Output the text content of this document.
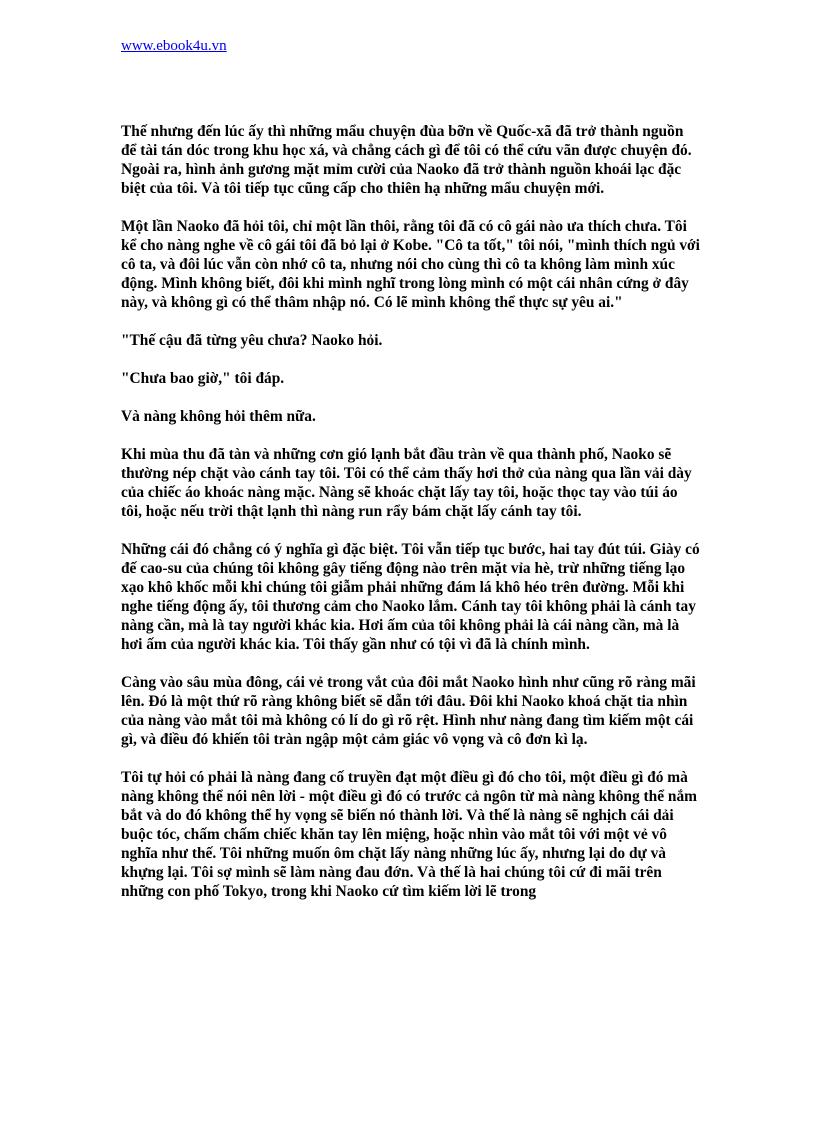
www.ebook4u.vn

Thế nhưng đến lúc ấy thì những mẩu chuyện đùa bỡn về Quốc-xã đã trở thành nguồn để tài tán dóc trong khu học xá, và chẳng cách gì để tôi có thể cứu vãn được chuyện đó. Ngoài ra, hình ảnh gương mặt mỉm cười của Naoko đã trở thành nguồn khoái lạc đặc biệt của tôi. Và tôi tiếp tục cũng cấp cho thiên hạ những mẩu chuyện mới.

Một lần Naoko đã hỏi tôi, chỉ một lần thôi, rằng tôi đã có cô gái nào ưa thích chưa. Tôi kể cho nàng nghe về cô gái tôi đã bỏ lại ở Kobe. "Cô ta tốt," tôi nói, "mình thích ngủ với cô ta, và đôi lúc vẫn còn nhớ cô ta, nhưng nói cho cùng thì cô ta không làm mình xúc động. Mình không biết, đôi khi mình nghĩ trong lòng mình có một cái nhân cứng ở đây này, và không gì có thể thâm nhập nó. Có lẽ mình không thể thực sự yêu ai."

"Thế cậu đã từng yêu chưa? Naoko hỏi.

"Chưa bao giờ," tôi đáp.

Và nàng không hỏi thêm nữa.

Khi mùa thu đã tàn và những cơn gió lạnh bắt đầu tràn về qua thành phố, Naoko sẽ thường nép chặt vào cánh tay tôi. Tôi có thể cảm thấy hơi thở của nàng qua lần vải dày của chiếc áo khoác nàng mặc. Nàng sẽ khoác chặt lấy tay tôi, hoặc thọc tay vào túi áo tôi, hoặc nếu trời thật lạnh thì nàng run rẩy bám chặt lấy cánh tay tôi.

Những cái đó chẳng có ý nghĩa gì đặc biệt. Tôi vẫn tiếp tục bước, hai tay đút túi. Giày có đế cao-su của chúng tôi không gây tiếng động nào trên mặt vỉa hè, trừ những tiếng lạo xạo khô khốc mỗi khi chúng tôi giẫm phải những đám lá khô héo trên đường. Mỗi khi nghe tiếng động ấy, tôi thương cảm cho Naoko lắm. Cánh tay tôi không phải là cánh tay nàng cần, mà là tay người khác kia. Hơi ấm của tôi không phải là cái nàng cần, mà là hơi ấm của người khác kia. Tôi thấy gần như có tội vì đã là chính mình.

Càng vào sâu mùa đông, cái vẻ trong vắt của đôi mắt Naoko hình như cũng rõ ràng mãi lên. Đó là một thứ rõ ràng không biết sẽ dẫn tới đâu. Đôi khi Naoko khoá chặt tia nhìn của nàng vào mắt tôi mà không có lí do gì rõ rệt. Hình như nàng đang tìm kiếm một cái gì, và điều đó khiến tôi tràn ngập một cảm giác vô vọng và cô đơn kì lạ.

Tôi tự hỏi có phải là nàng đang cố truyền đạt một điều gì đó cho tôi, một điều gì đó mà nàng không thể nói nên lời - một điều gì đó có trước cả ngôn từ mà nàng không thể nắm bắt và do đó không thể hy vọng sẽ biến nó thành lời. Và thế là nàng sẽ nghịch cái dải buộc tóc, chấm chấm chiếc khăn tay lên miệng, hoặc nhìn vào mắt tôi với một vẻ vô nghĩa như thế. Tôi những muốn ôm chặt lấy nàng những lúc ấy, nhưng lại do dự và khựng lại. Tôi sợ mình sẽ làm nàng đau đớn. Và thế là hai chúng tôi cứ đi mãi trên những con phố Tokyo, trong khi Naoko cứ tìm kiếm lời lẽ trong
